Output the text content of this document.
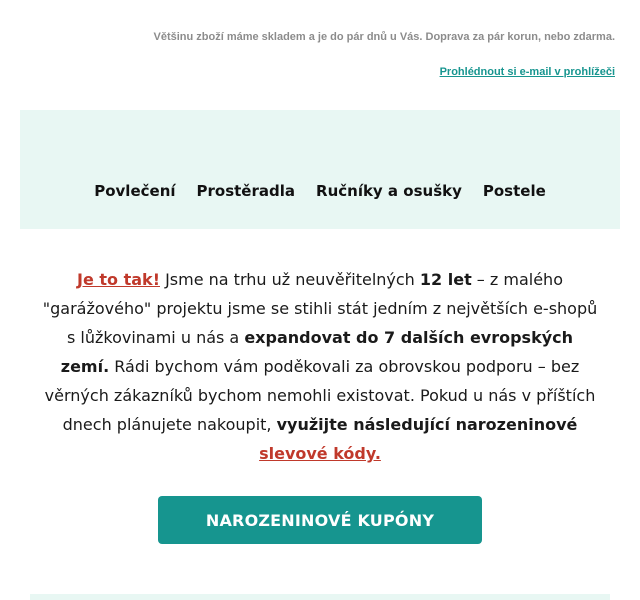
Většinu zboží máme skladem a je do pár dnů u Vás. Doprava za pár korun, nebo zdarma.
Prohlédnout si e-mail v prohlížeči
Povlečení Prostěradla Ručníky a osušky Postele
Je to tak! Jsme na trhu už neuvěřitelných 12 let – z malého "garážového" projektu jsme se stihli stát jedním z největších e-shopů s lůžkovinami u nás a expandovat do 7 dalších evropských zemí. Rádi bychom vám poděkovali za obrovskou podporu – bez věrných zákazníků bychom nemohli existovat. Pokud u nás v příštích dnech plánujete nakoupit, využijte následující narozeninové slevové kódy.
NAROZENINOVÉ KUPÓNY
